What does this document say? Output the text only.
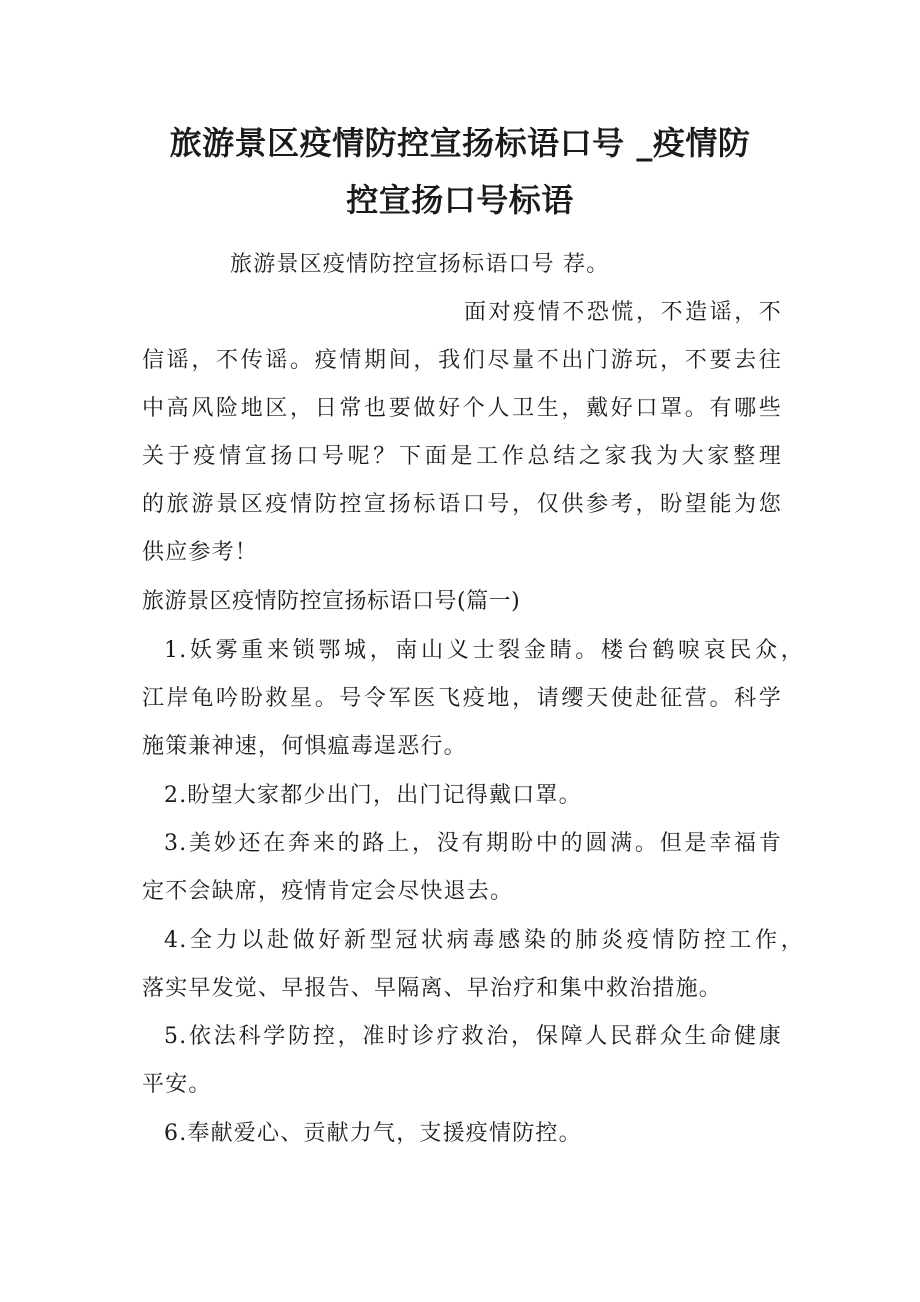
旅游景区疫情防控宣扬标语口号 _疫情防
控宣扬口号标语

旅游景区疫情防控宣扬标语口号 荐。

面对疫情不恐慌，不造谣，不

信谣，不传谣。疫情期间，我们尽量不出门游玩，不要去往

中高风险地区，日常也要做好个人卫生，戴好口罩。有哪些

关于疫情宣扬口号呢？下面是工作总结之家我为大家整理

的旅游景区疫情防控宣扬标语口号，仅供参考，盼望能为您

供应参考！

旅游景区疫情防控宣扬标语口号(篇一)

1.妖雾重来锁鄂城，南山义士裂金睛。楼台鹤唳哀民众，

江岸龟吟盼救星。号令军医飞疫地，请缨天使赴征营。科学

施策兼神速，何惧瘟毒逞恶行。

2.盼望大家都少出门，出门记得戴口罩。

3.美妙还在奔来的路上，没有期盼中的圆满。但是幸福肯

定不会缺席，疫情肯定会尽快退去。

4.全力以赴做好新型冠状病毒感染的肺炎疫情防控工作，

落实早发觉、早报告、早隔离、早治疗和集中救治措施。

5.依法科学防控，准时诊疗救治，保障人民群众生命健康

平安。

6.奉献爱心、贡献力气，支援疫情防控。
